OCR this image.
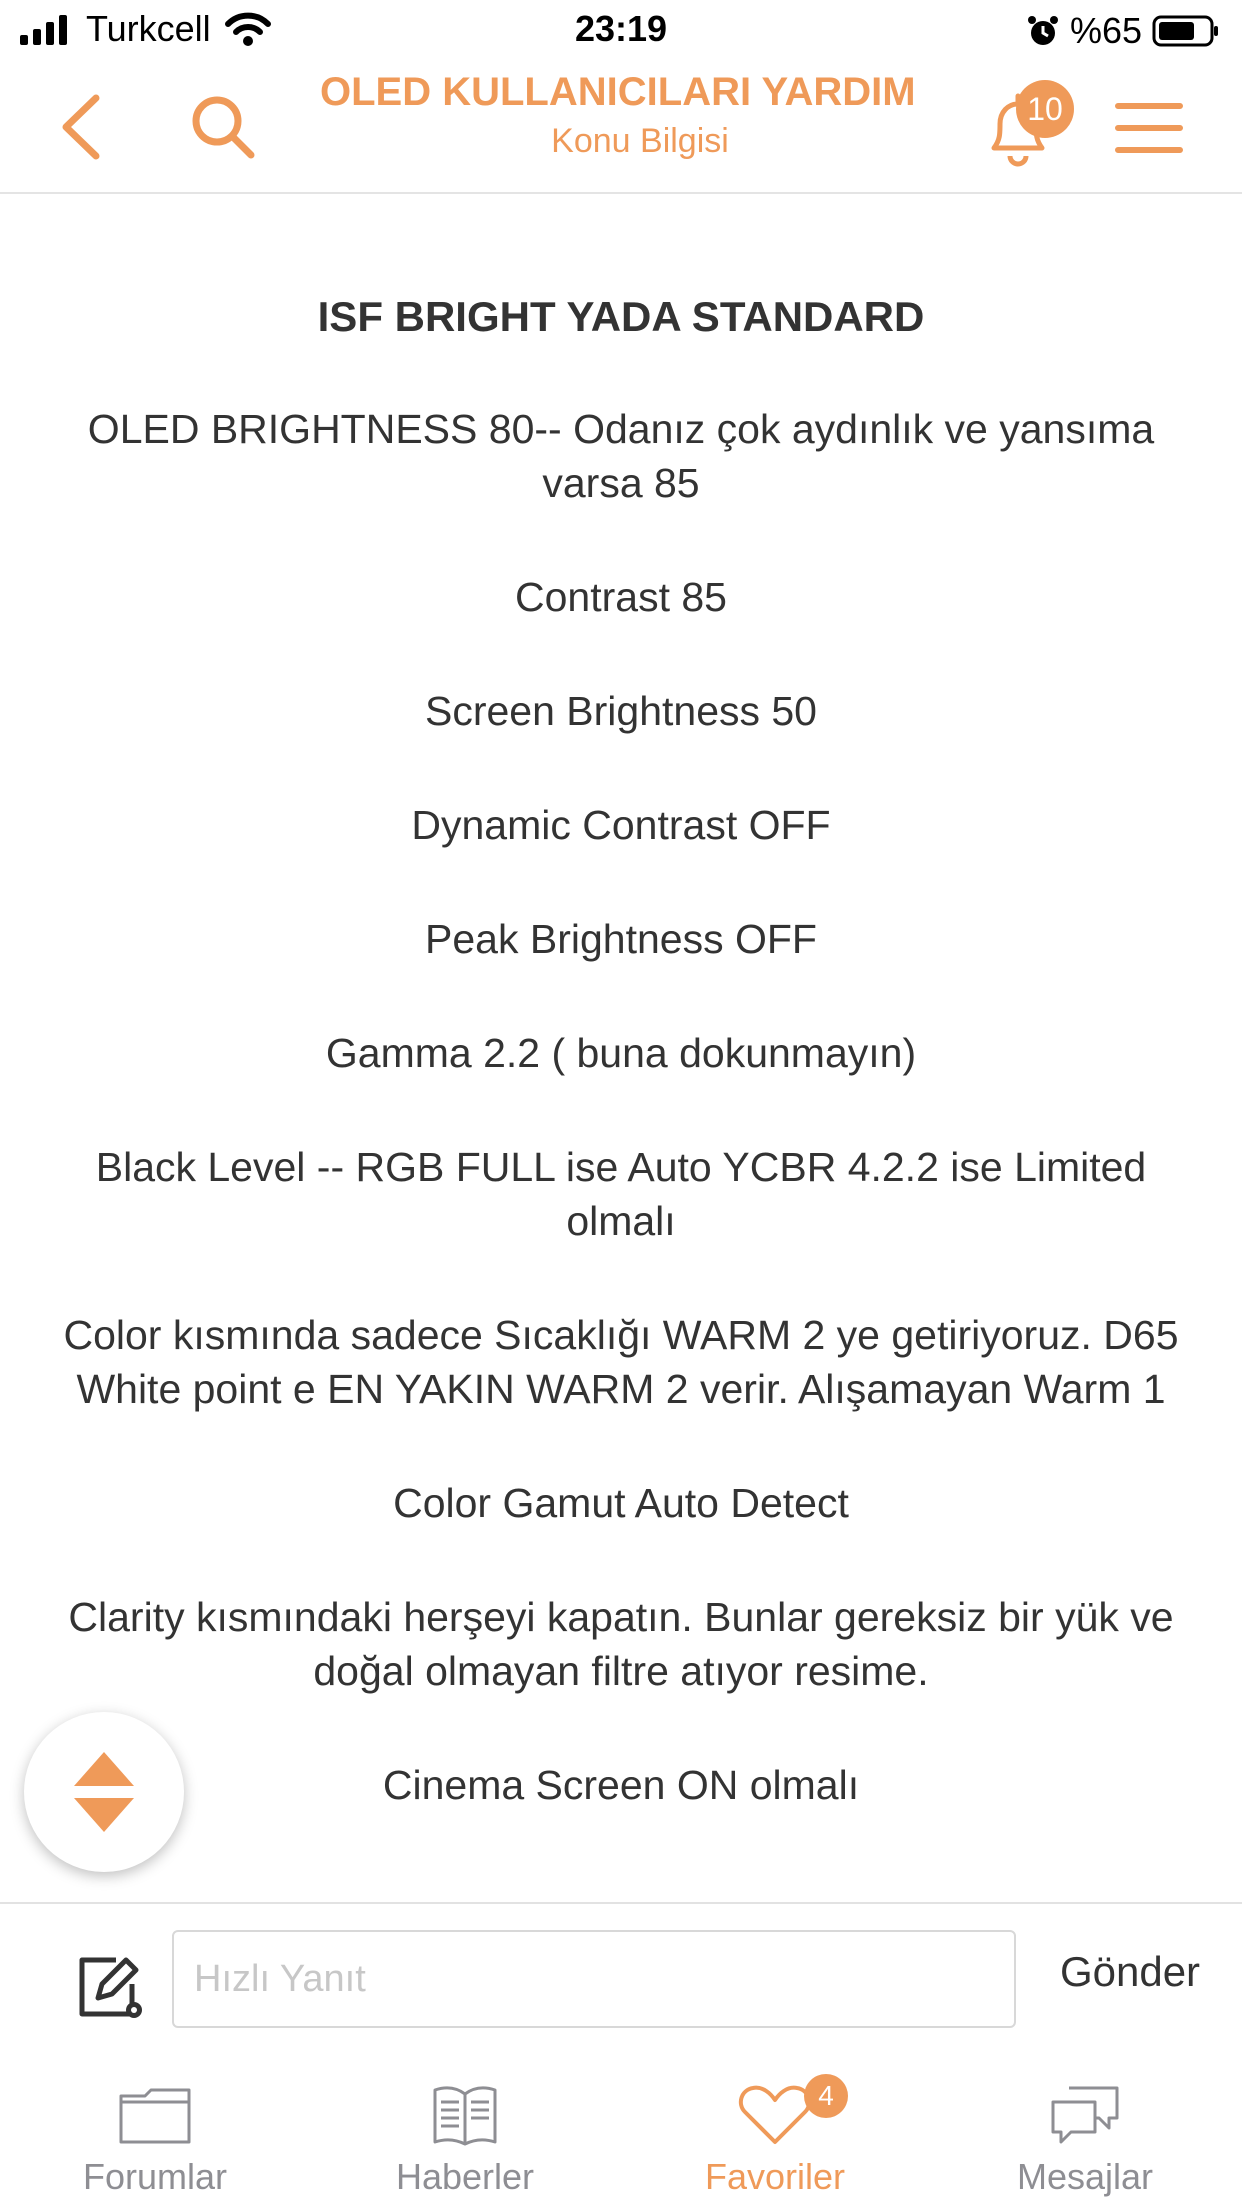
Turkcell	23:19	%65
OLED KULLANICILARI YARDIM
Konu Bilgisi
10
ISF BRIGHT YADA STANDARD
OLED BRIGHTNESS 80-- Odanız çok aydınlık ve yansıma varsa 85
Contrast 85
Screen Brightness 50
Dynamic Contrast OFF
Peak Brightness OFF
Gamma 2.2 ( buna dokunmayın)
Black Level -- RGB FULL ise Auto YCBR 4.2.2 ise Limited olmalı
Color kısmında sadece Sıcaklığı WARM 2 ye getiriyoruz. D65 White point e EN YAKIN WARM 2 verir. Alışamayan Warm 1
Color Gamut Auto Detect
Clarity kısmındaki herşeyi kapatın. Bunlar gereksiz bir yük ve doğal olmayan filtre atıyor resime.
Cinema Screen ON olmalı
Hızlı Yanıt
Gönder
Forumlar	Haberler
4
Favoriler	Mesajlar
